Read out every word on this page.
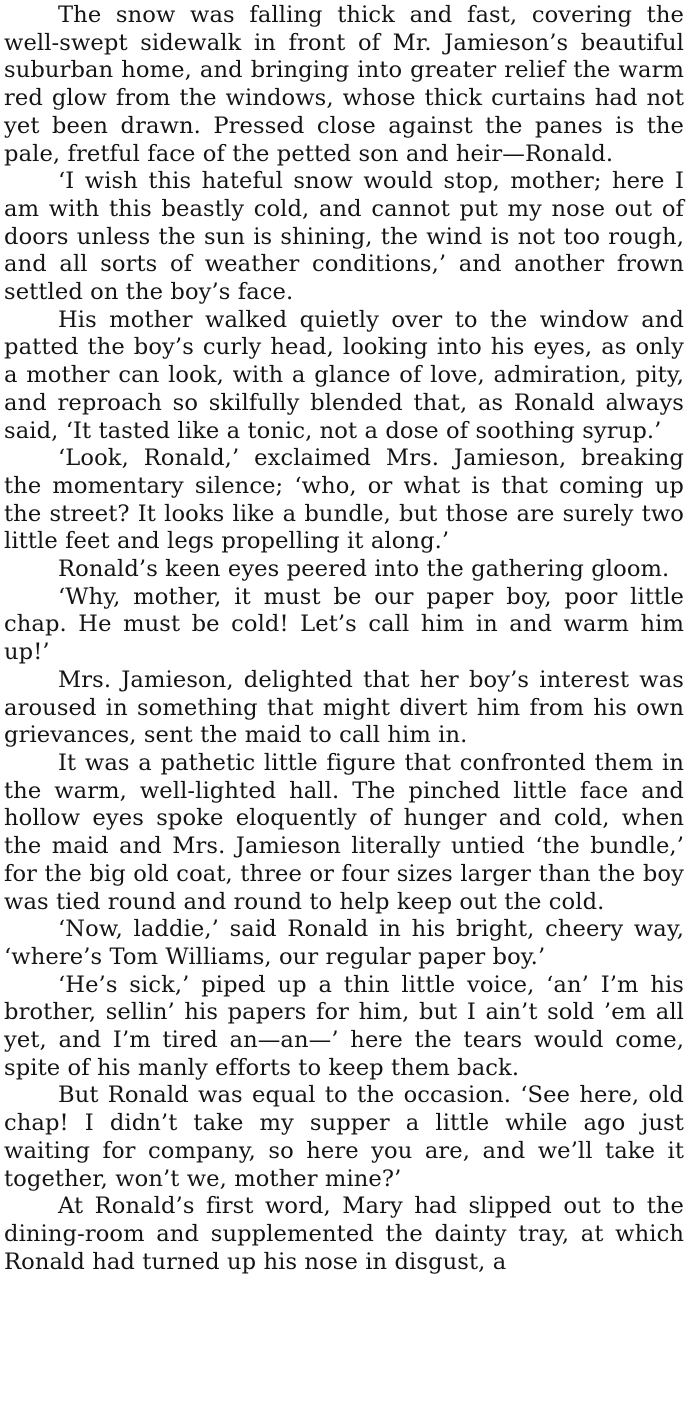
The snow was falling thick and fast, covering the well-swept sidewalk in front of Mr. Jamieson’s beautiful suburban home, and bringing into greater relief the warm red glow from the windows, whose thick curtains had not yet been drawn. Pressed close against the panes is the pale, fretful face of the petted son and heir—Ronald.

‘I wish this hateful snow would stop, mother; here I am with this beastly cold, and cannot put my nose out of doors unless the sun is shining, the wind is not too rough, and all sorts of weather conditions,’ and another frown settled on the boy’s face.

His mother walked quietly over to the window and patted the boy’s curly head, looking into his eyes, as only a mother can look, with a glance of love, admiration, pity, and reproach so skilfully blended that, as Ronald always said, ‘It tasted like a tonic, not a dose of soothing syrup.’

‘Look, Ronald,’ exclaimed Mrs. Jamieson, breaking the momentary silence; ‘who, or what is that coming up the street? It looks like a bundle, but those are surely two little feet and legs propelling it along.’

Ronald’s keen eyes peered into the gathering gloom.

‘Why, mother, it must be our paper boy, poor little chap. He must be cold! Let’s call him in and warm him up!’

Mrs. Jamieson, delighted that her boy’s interest was aroused in something that might divert him from his own grievances, sent the maid to call him in.

It was a pathetic little figure that confronted them in the warm, well-lighted hall. The pinched little face and hollow eyes spoke eloquently of hunger and cold, when the maid and Mrs. Jamieson literally untied ‘the bundle,’ for the big old coat, three or four sizes larger than the boy was tied round and round to help keep out the cold.

‘Now, laddie,’ said Ronald in his bright, cheery way, ‘where’s Tom Williams, our regular paper boy.’

‘He’s sick,’ piped up a thin little voice, ‘an’ I’m his brother, sellin’ his papers for him, but I ain’t sold ’em all yet, and I’m tired an—an—’ here the tears would come, spite of his manly efforts to keep them back.

But Ronald was equal to the occasion. ‘See here, old chap! I didn’t take my supper a little while ago just waiting for company, so here you are, and we’ll take it together, won’t we, mother mine?’

At Ronald’s first word, Mary had slipped out to the dining-room and supplemented the dainty tray, at which Ronald had turned up his nose in disgust, a
